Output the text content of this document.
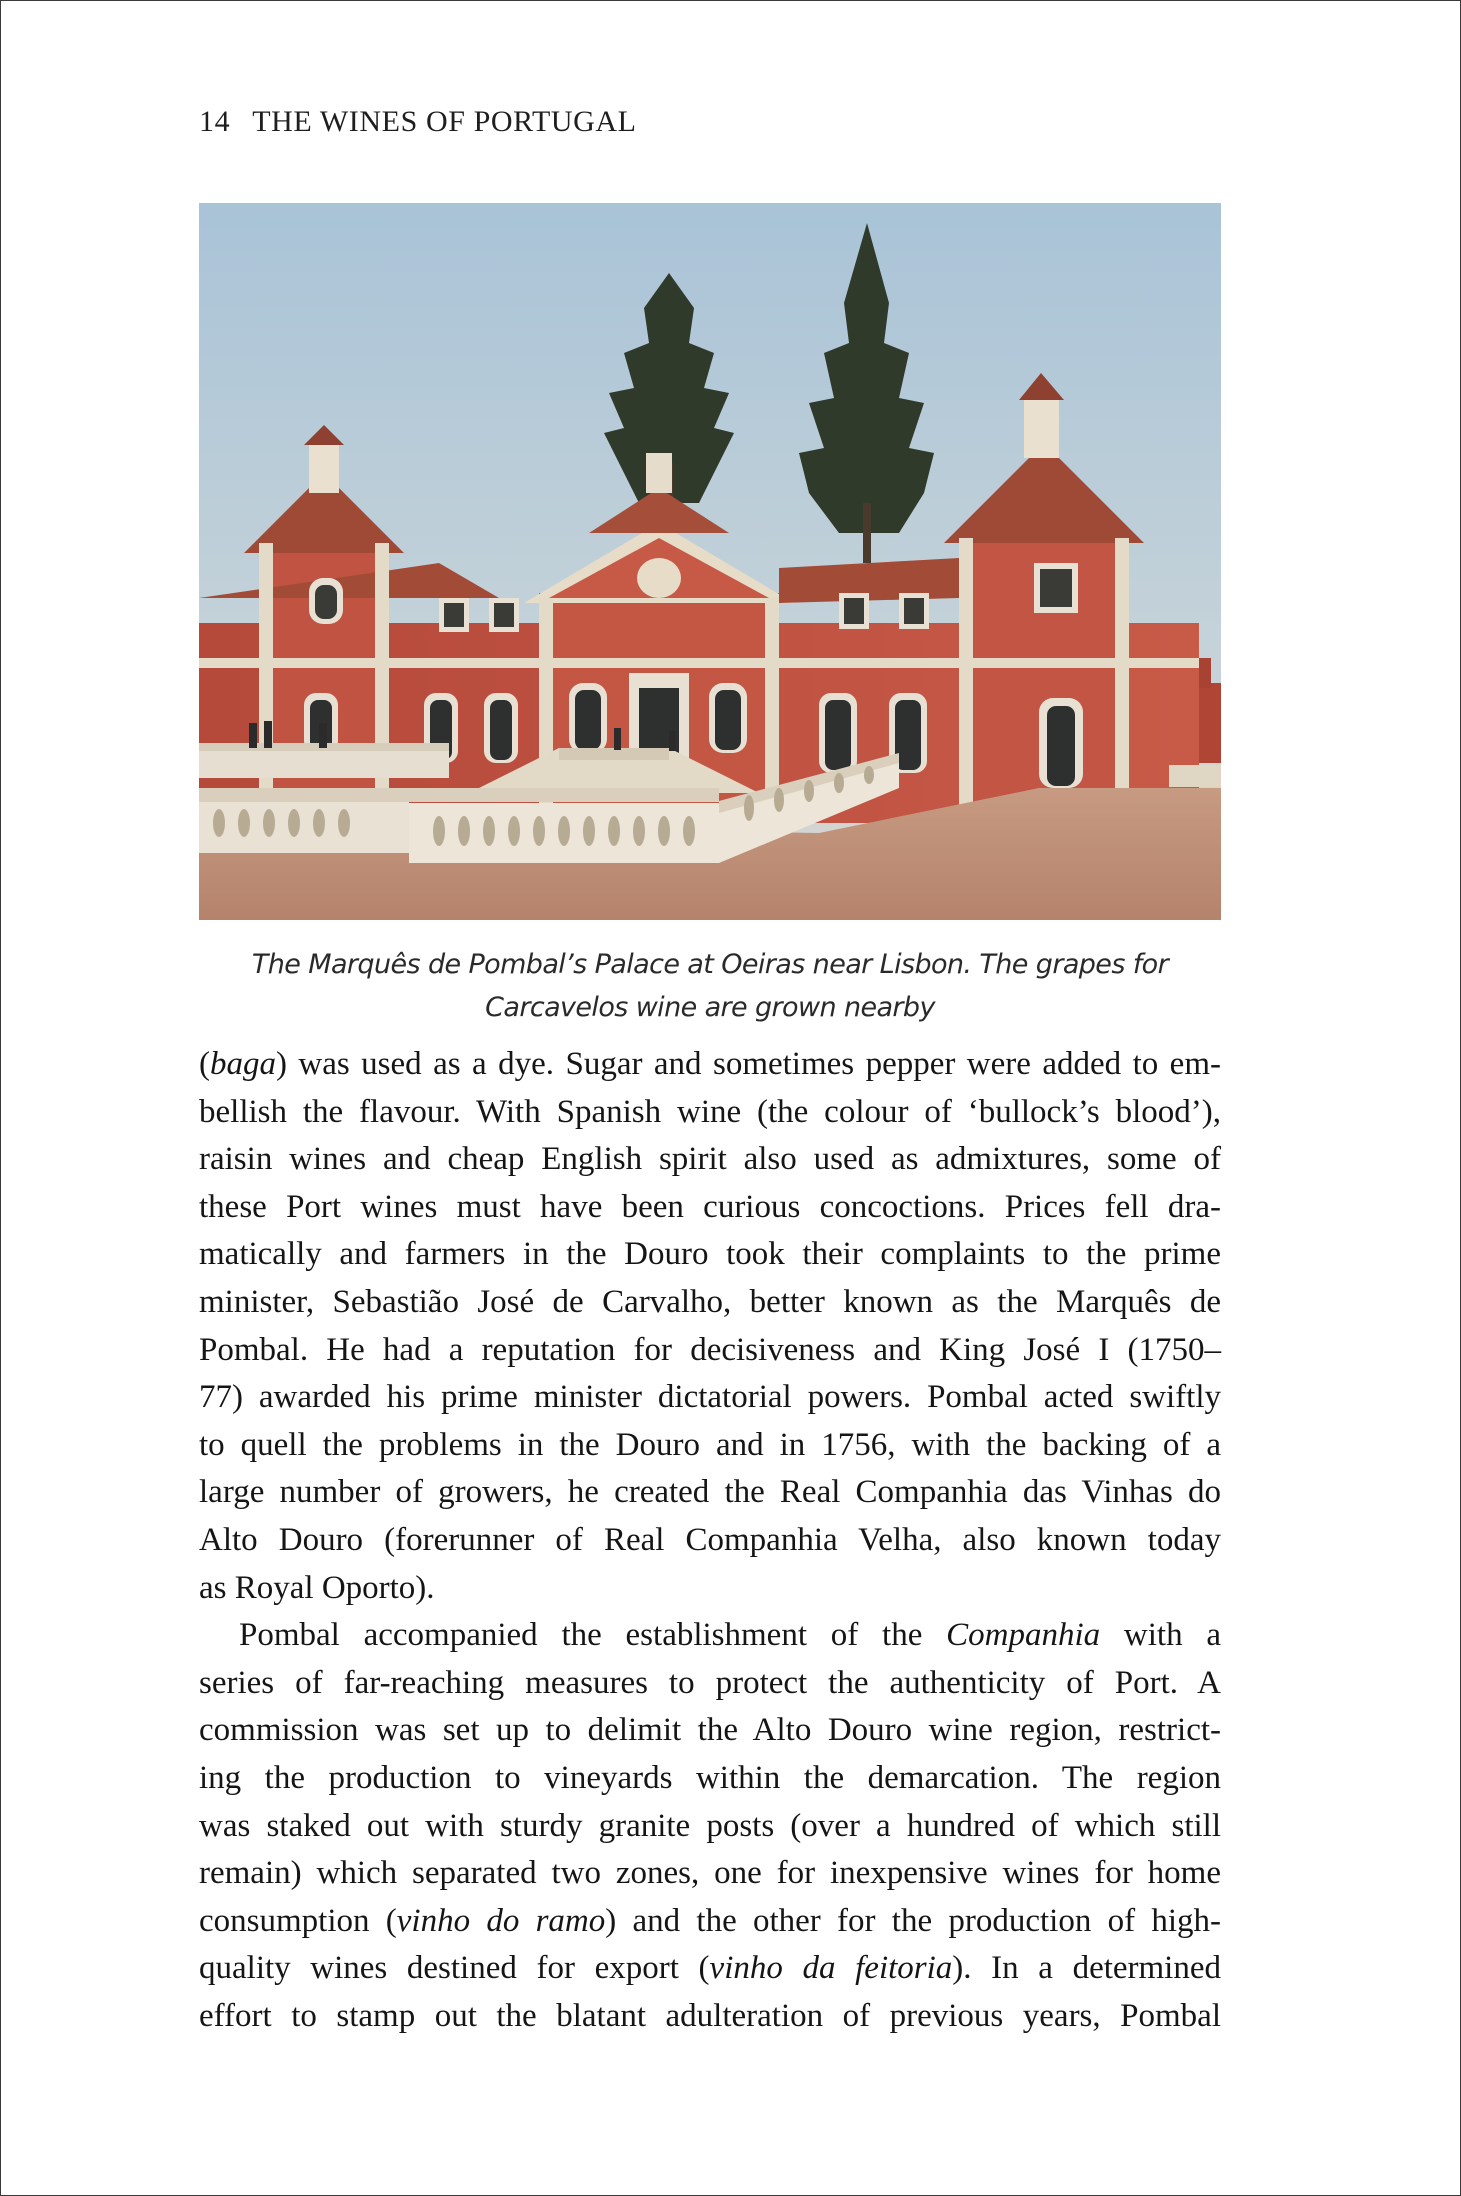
14 THE WINES OF PORTUGAL
The Marquês de Pombal’s Palace at Oeiras near Lisbon. The grapes for
Carcavelos wine are grown nearby
(baga) was used as a dye. Sugar and sometimes pepper were added to em-
bellish the flavour. With Spanish wine (the colour of ‘bullock’s blood’),
raisin wines and cheap English spirit also used as admixtures, some of
these Port wines must have been curious concoctions. Prices fell dra-
matically and farmers in the Douro took their complaints to the prime
minister, Sebastião José de Carvalho, better known as the Marquês de
Pombal. He had a reputation for decisiveness and King José I (1750–
77) awarded his prime minister dictatorial powers. Pombal acted swiftly
to quell the problems in the Douro and in 1756, with the backing of a
large number of growers, he created the Real Companhia das Vinhas do
Alto Douro (forerunner of Real Companhia Velha, also known today
as Royal Oporto).
Pombal accompanied the establishment of the Companhia with a
series of far-reaching measures to protect the authenticity of Port. A
commission was set up to delimit the Alto Douro wine region, restrict-
ing the production to vineyards within the demarcation. The region
was staked out with sturdy granite posts (over a hundred of which still
remain) which separated two zones, one for inexpensive wines for home
consumption (vinho do ramo) and the other for the production of high-
quality wines destined for export (vinho da feitoria). In a determined
effort to stamp out the blatant adulteration of previous years, Pombal
